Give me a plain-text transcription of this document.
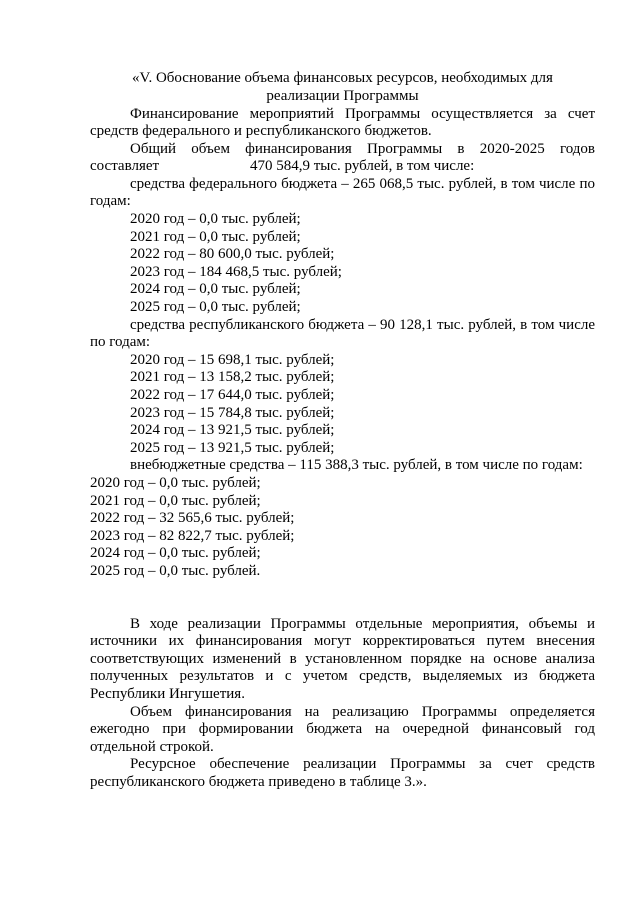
«V. Обоснование объема финансовых ресурсов, необходимых для
реализации Программы
Финансирование мероприятий Программы осуществляется за счет средств федерального и республиканского бюджетов.
Общий объем финансирования Программы в 2020-2025 годов
составляет	470 584,9 тыс. рублей, в том числе:
средства федерального бюджета – 265 068,5 тыс. рублей, в том числе по годам:
2020 год – 0,0 тыс. рублей;
2021 год – 0,0 тыс. рублей;
2022 год – 80 600,0 тыс. рублей;
2023 год – 184 468,5 тыс. рублей;
2024 год – 0,0 тыс. рублей;
2025 год – 0,0 тыс. рублей;
средства республиканского бюджета – 90 128,1 тыс. рублей, в том числе по годам:
2020 год – 15 698,1 тыс. рублей;
2021 год – 13 158,2 тыс. рублей;
2022 год – 17 644,0 тыс. рублей;
2023 год – 15 784,8 тыс. рублей;
2024 год – 13 921,5 тыс. рублей;
2025 год – 13 921,5 тыс. рублей;
внебюджетные средства – 115 388,3 тыс. рублей, в том числе по годам:
2020 год – 0,0 тыс. рублей;
2021 год – 0,0 тыс. рублей;
2022 год – 32 565,6 тыс. рублей;
2023 год – 82 822,7 тыс. рублей;
2024 год – 0,0 тыс. рублей;
2025 год – 0,0 тыс. рублей.
В ходе реализации Программы отдельные мероприятия, объемы и источники их финансирования могут корректироваться путем внесения соответствующих изменений в установленном порядке на основе анализа полученных результатов и с учетом средств, выделяемых из бюджета Республики Ингушетия.
Объем финансирования на реализацию Программы определяется ежегодно при формировании бюджета на очередной финансовый год отдельной строкой.
Ресурсное обеспечение реализации Программы за счет средств республиканского бюджета приведено в таблице 3.».
